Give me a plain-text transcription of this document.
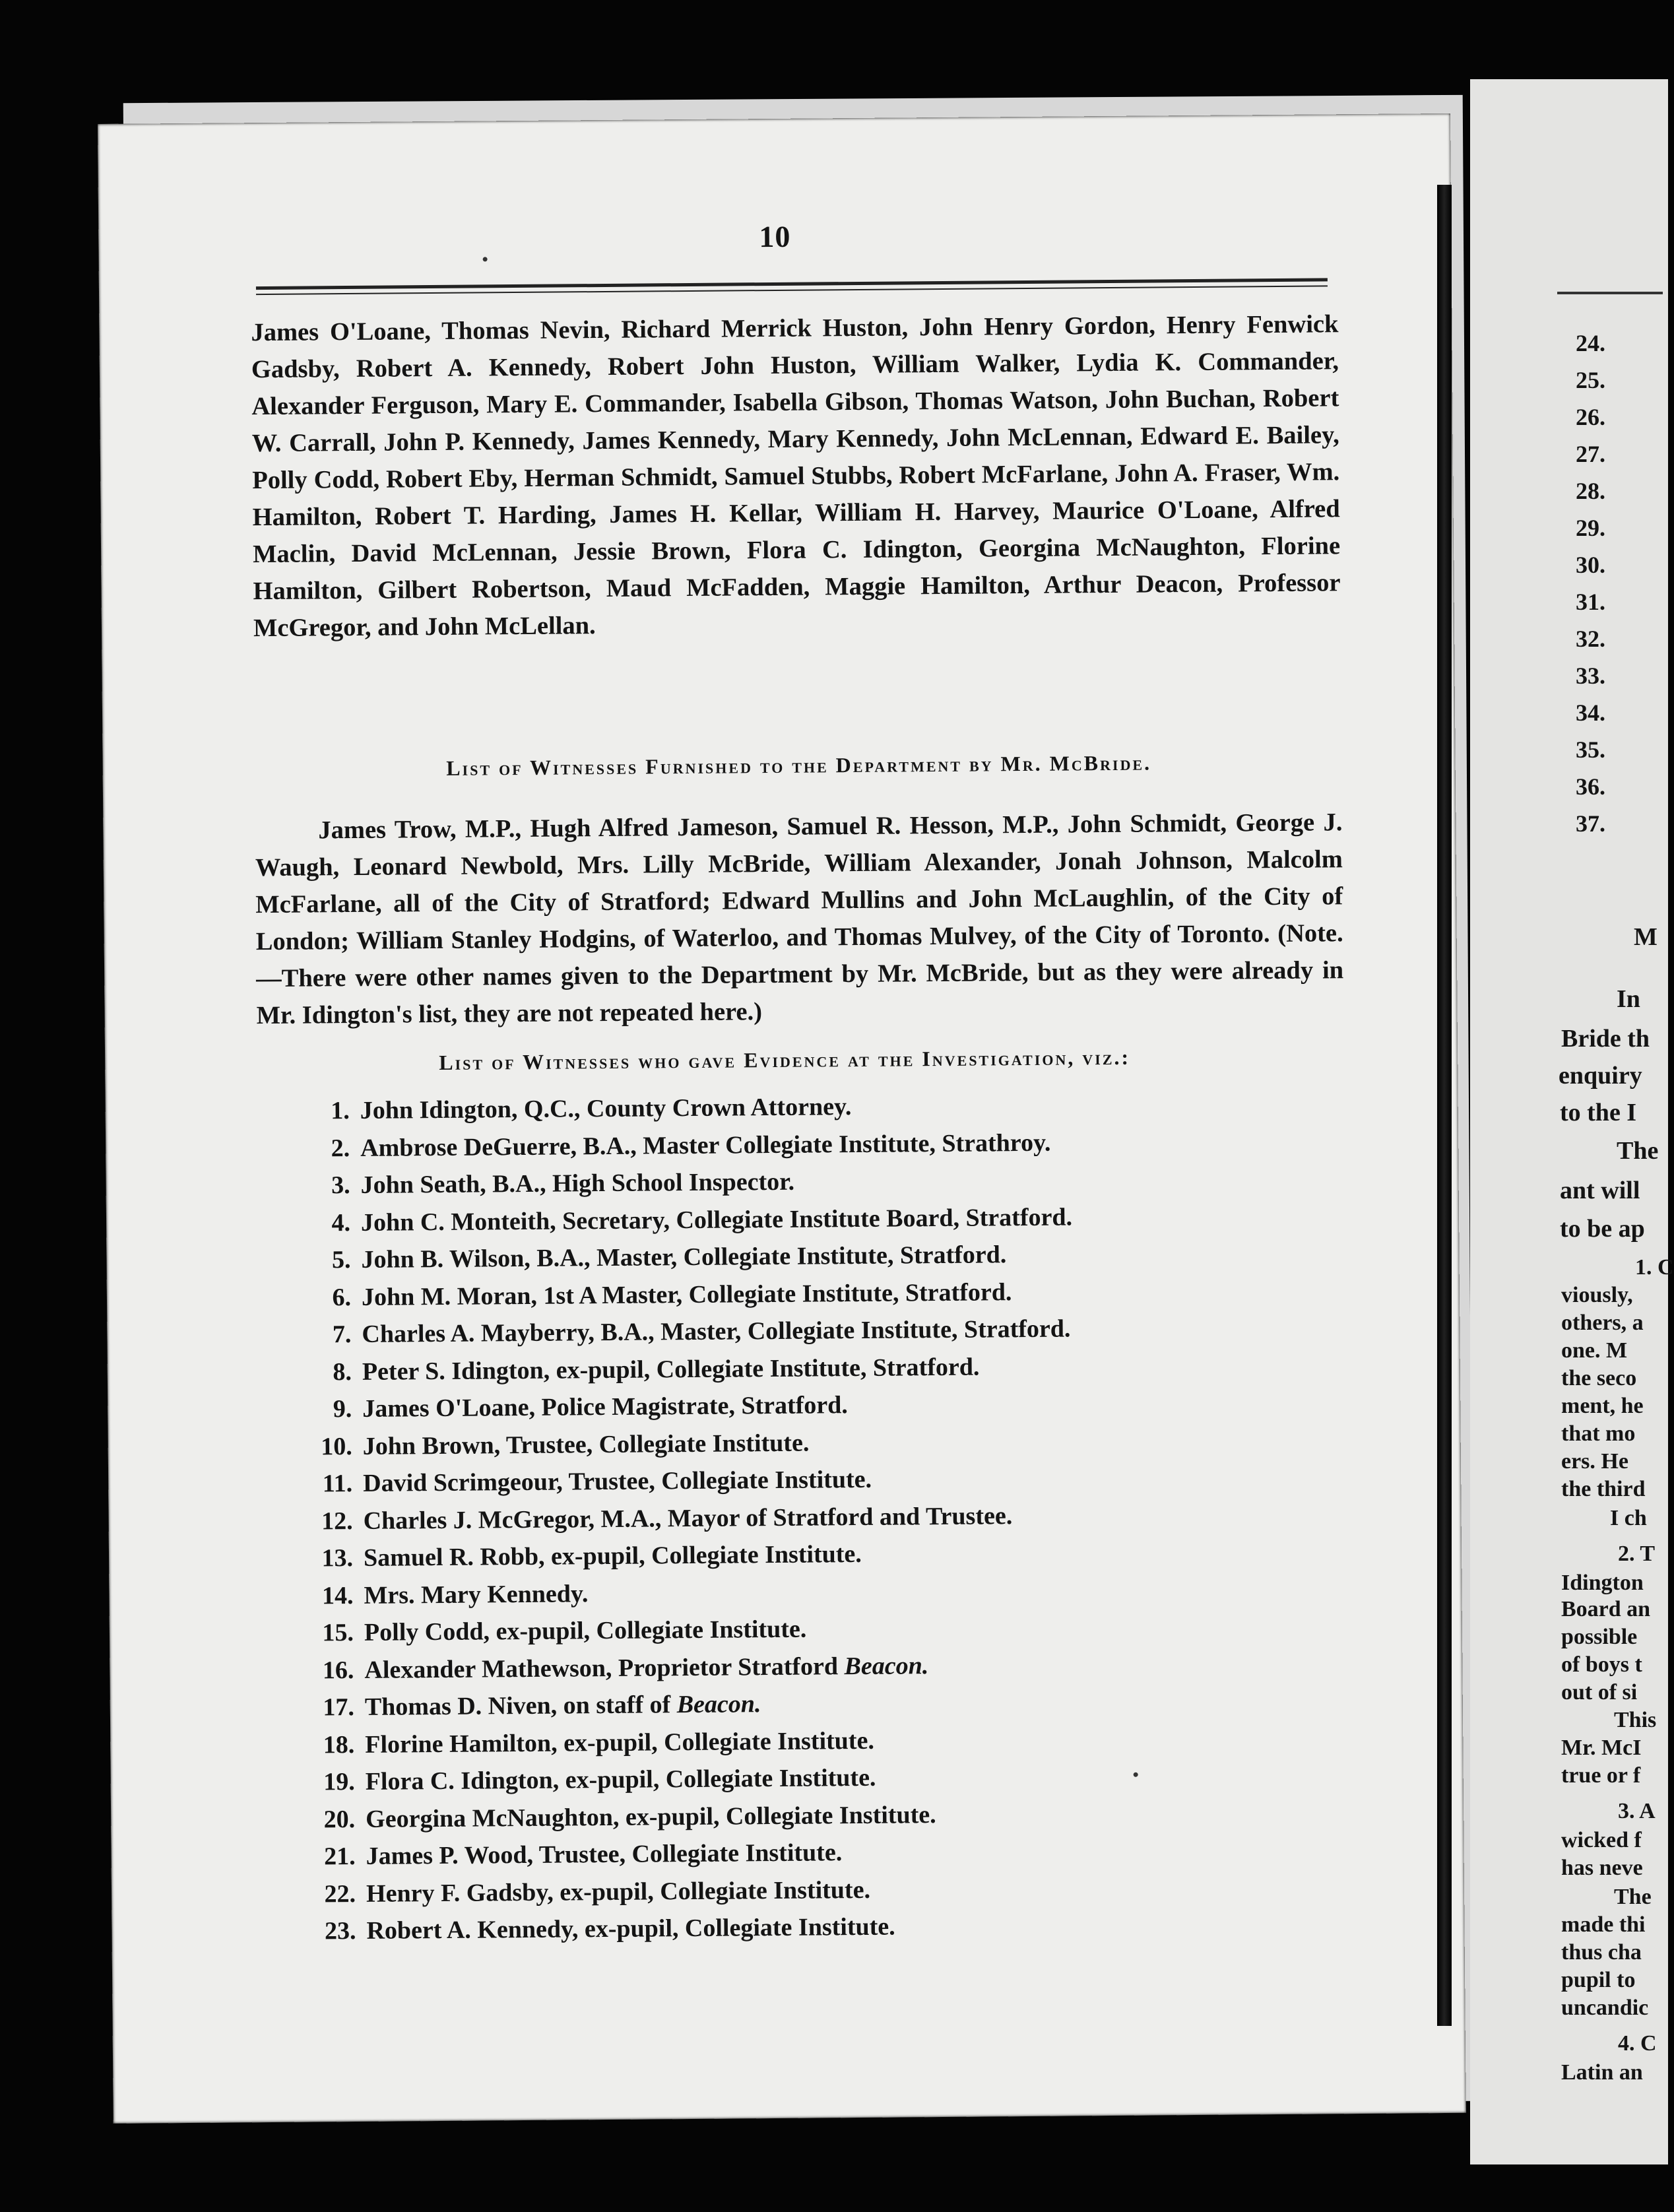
10
James O'Loane, Thomas Nevin, Richard Merrick Huston, John Henry Gordon, Henry Fenwick Gadsby, Robert A. Kennedy, Robert John Huston, William Walker, Lydia K. Commander, Alexander Ferguson, Mary E. Commander, Isabella Gibson, Thomas Watson, John Buchan, Robert W. Carrall, John P. Kennedy, James Kennedy, Mary Kennedy, John McLennan, Edward E. Bailey, Polly Codd, Robert Eby, Herman Schmidt, Samuel Stubbs, Robert McFarlane, John A. Fraser, Wm. Hamilton, Robert T. Harding, James H. Kellar, William H. Harvey, Maurice O'Loane, Alfred Maclin, David McLennan, Jessie Brown, Flora C. Idington, Georgina McNaughton, Florine Hamilton, Gilbert Robertson, Maud McFadden, Maggie Hamilton, Arthur Deacon, Professor McGregor, and John McLellan.
List of Witnesses Furnished to the Department by Mr. McBride.
James Trow, M.P., Hugh Alfred Jameson, Samuel R. Hesson, M.P., John Schmidt, George J. Waugh, Leonard Newbold, Mrs. Lilly McBride, William Alexander, Jonah Johnson, Malcolm McFarlane, all of the City of Stratford; Edward Mullins and John McLaughlin, of the City of London; William Stanley Hodgins, of Waterloo, and Thomas Mulvey, of the City of Toronto. (Note.—There were other names given to the Department by Mr. McBride, but as they were already in Mr. Idington's list, they are not repeated here.)
List of Witnesses who gave Evidence at the Investigation, viz.:
1. John Idington, Q.C., County Crown Attorney.
2. Ambrose DeGuerre, B.A., Master Collegiate Institute, Strathroy.
3. John Seath, B.A., High School Inspector.
4. John C. Monteith, Secretary, Collegiate Institute Board, Stratford.
5. John B. Wilson, B.A., Master, Collegiate Institute, Stratford.
6. John M. Moran, 1st A Master, Collegiate Institute, Stratford.
7. Charles A. Mayberry, B.A., Master, Collegiate Institute, Stratford.
8. Peter S. Idington, ex-pupil, Collegiate Institute, Stratford.
9. James O'Loane, Police Magistrate, Stratford.
10. John Brown, Trustee, Collegiate Institute.
11. David Scrimgeour, Trustee, Collegiate Institute.
12. Charles J. McGregor, M.A., Mayor of Stratford and Trustee.
13. Samuel R. Robb, ex-pupil, Collegiate Institute.
14. Mrs. Mary Kennedy.
15. Polly Codd, ex-pupil, Collegiate Institute.
16. Alexander Mathewson, Proprietor Stratford Beacon.
17. Thomas D. Niven, on staff of Beacon.
18. Florine Hamilton, ex-pupil, Collegiate Institute.
19. Flora C. Idington, ex-pupil, Collegiate Institute.
20. Georgina McNaughton, ex-pupil, Collegiate Institute.
21. James P. Wood, Trustee, Collegiate Institute.
22. Henry F. Gadsby, ex-pupil, Collegiate Institute.
23. Robert A. Kennedy, ex-pupil, Collegiate Institute.
24.
25.
26.
27.
28.
29.
30.
31.
32.
33.
34.
35.
36.
37.
M
In
Bride th
enquiry
to the I
The
ant will
to be ap
1. C
viously,
others, a
one. M
the seco
ment, he
that mo
ers. He
the third
I ch
2. T
Idington
Board an
possible
of boys t
out of si
This
Mr. McI
true or f
3. A
wicked f
has neve
The
made thi
thus cha
pupil to
uncandic
4. C
Latin an
